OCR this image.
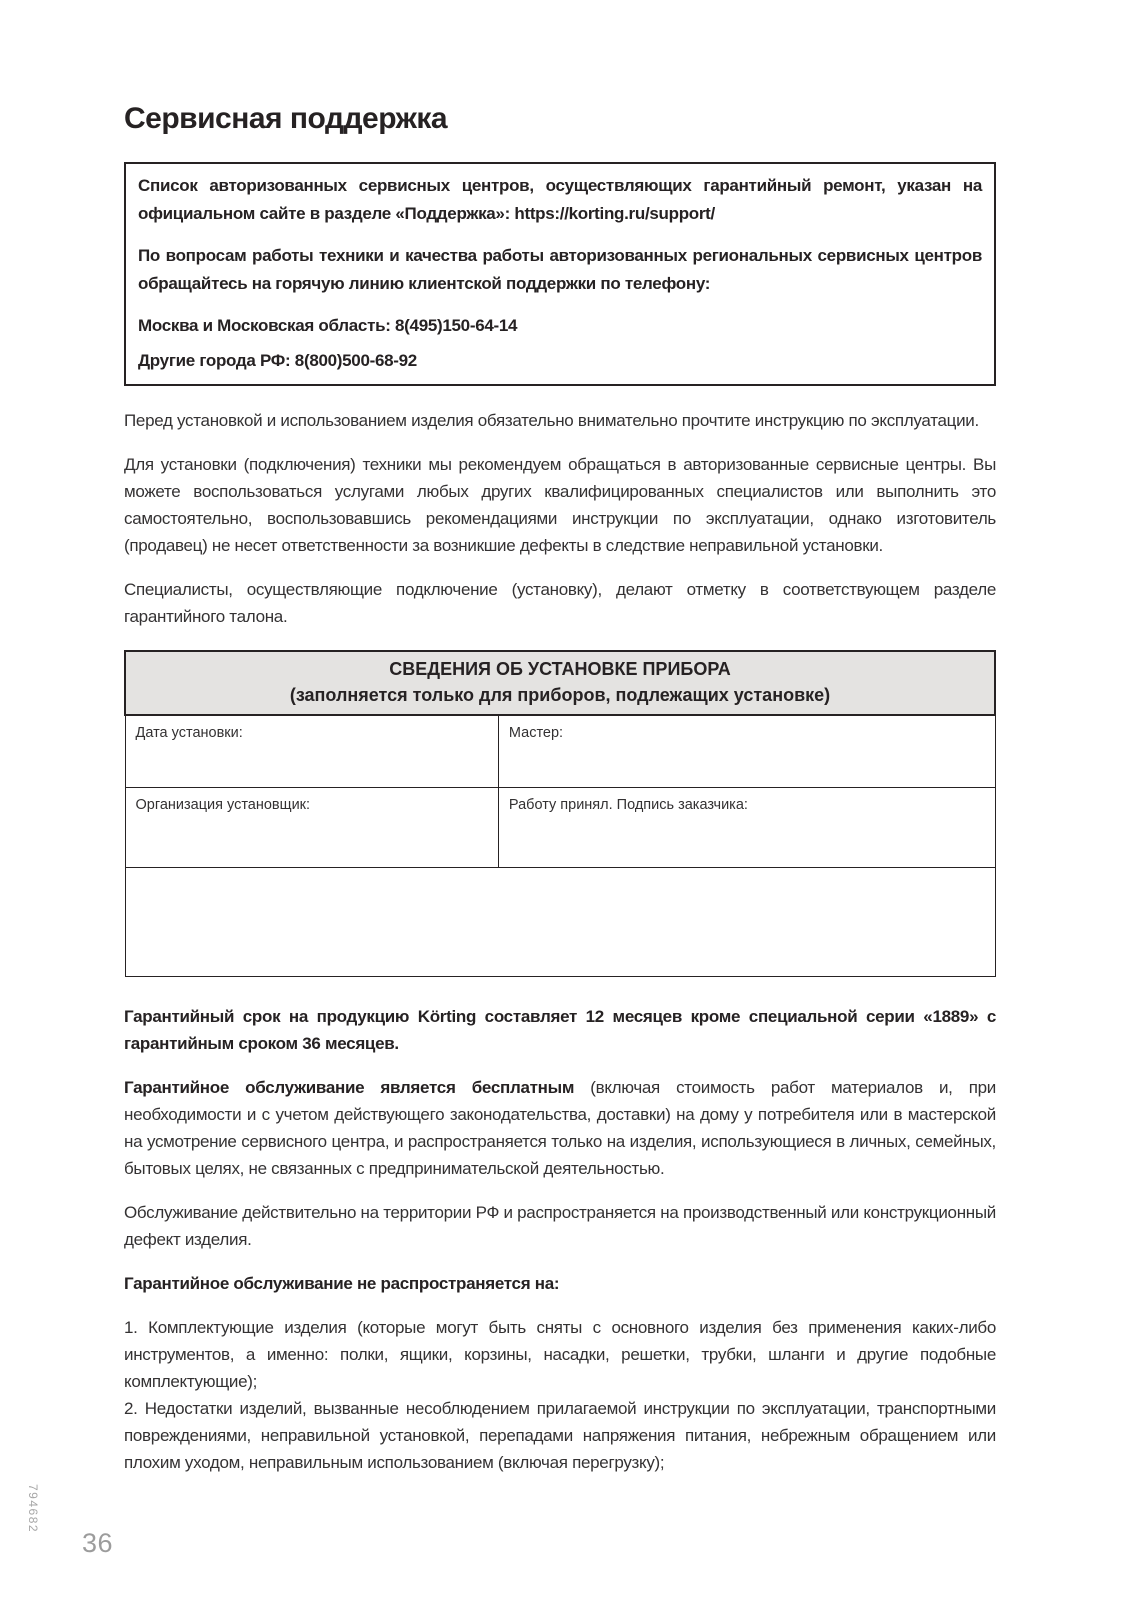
Сервисная поддержка

Список авторизованных сервисных центров, осуществляющих гарантийный ремонт, указан на официальном сайте в разделе «Поддержка»: https://korting.ru/support/

По вопросам работы техники и качества работы авторизованных региональных сервисных центров обращайтесь на горячую линию клиентской поддержки по телефону:

Москва и Московская область: 8(495)150-64-14

Другие города РФ: 8(800)500-68-92

Перед установкой и использованием изделия обязательно внимательно прочтите инструкцию по эксплуатации.

Для установки (подключения) техники мы рекомендуем обращаться в авторизованные сервисные центры. Вы можете воспользоваться услугами любых других квалифицированных специалистов или выполнить это самостоятельно, воспользовавшись рекомендациями инструкции по эксплуатации, однако изготовитель (продавец) не несет ответственности за возникшие дефекты в следствие неправильной установки.

Специалисты, осуществляющие подключение (установку), делают отметку в соответствующем разделе гарантийного талона.

СВЕДЕНИЯ ОБ УСТАНОВКЕ ПРИБОРА
(заполняется только для приборов, подлежащих установке)	

Дата установки:	Мастер:
Организация установщик:	Работу принял. Подпись заказчика:

Гарантийный срок на продукцию Körting составляет 12 месяцев кроме специальной серии «1889» с гарантийным сроком 36 месяцев.

Гарантийное обслуживание является бесплатным (включая стоимость работ материалов и, при необходимости и с учетом действующего законодательства, доставки) на дому у потребителя или в мастерской на усмотрение сервисного центра, и распространяется только на изделия, использующиеся в личных, семейных, бытовых целях, не связанных с предпринимательской деятельностью.

Обслуживание действительно на территории РФ и распространяется на производственный или конструкционный дефект изделия.

Гарантийное обслуживание не распространяется на:

1. Комплектующие изделия (которые могут быть сняты с основного изделия без применения каких-либо инструментов, а именно: полки, ящики, корзины, насадки, решетки, трубки, шланги и другие подобные комплектующие);

2. Недостатки изделий, вызванные несоблюдением прилагаемой инструкции по эксплуатации, транспортными повреждениями, неправильной установкой, перепадами напряжения питания, небрежным обращением или плохим уходом, неправильным использованием (включая перегрузку);

794682
36
